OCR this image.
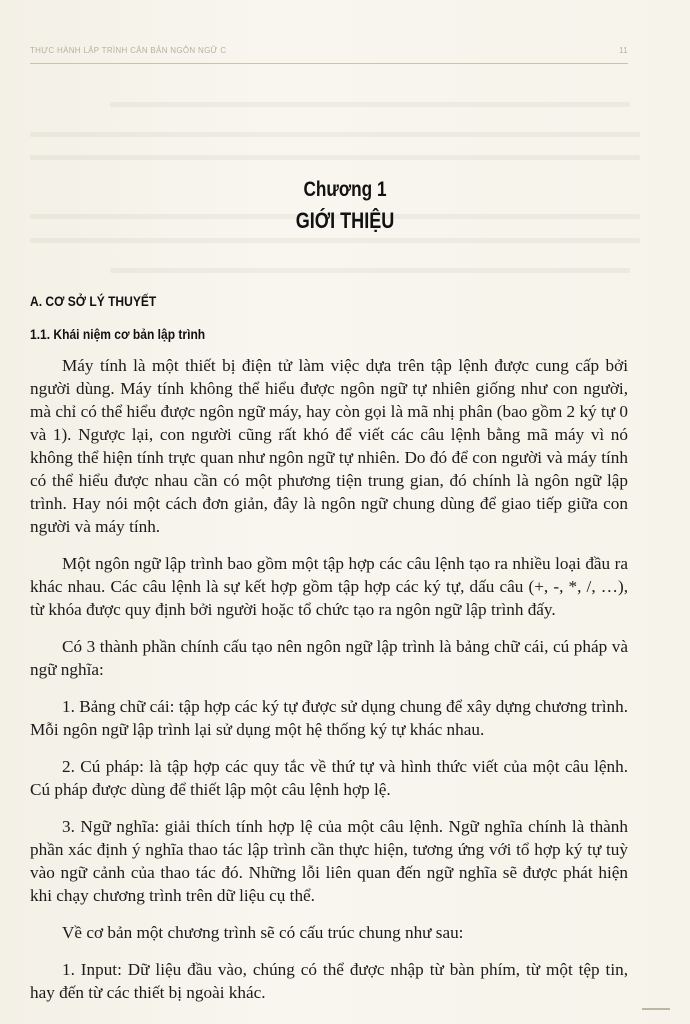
THỰC HÀNH LẬP TRÌNH CĂN BẢN NGÔN NGỮ C	11
Chương 1
GIỚI THIỆU
A. CƠ SỞ LÝ THUYẾT
1.1. Khái niệm cơ bản lập trình

Máy tính là một thiết bị điện tử làm việc dựa trên tập lệnh được cung cấp bởi người dùng. Máy tính không thể hiểu được ngôn ngữ tự nhiên giống như con người, mà chỉ có thể hiểu được ngôn ngữ máy, hay còn gọi là mã nhị phân (bao gồm 2 ký tự 0 và 1). Ngược lại, con người cũng rất khó để viết các câu lệnh bằng mã máy vì nó không thể hiện tính trực quan như ngôn ngữ tự nhiên. Do đó để con người và máy tính có thể hiểu được nhau cần có một phương tiện trung gian, đó chính là ngôn ngữ lập trình. Hay nói một cách đơn giản, đây là ngôn ngữ chung dùng để giao tiếp giữa con người và máy tính.

Một ngôn ngữ lập trình bao gồm một tập hợp các câu lệnh tạo ra nhiều loại đầu ra khác nhau. Các câu lệnh là sự kết hợp gồm tập hợp các ký tự, dấu câu (+, -, *, /, …), từ khóa được quy định bởi người hoặc tổ chức tạo ra ngôn ngữ lập trình đấy.

Có 3 thành phần chính cấu tạo nên ngôn ngữ lập trình là bảng chữ cái, cú pháp và ngữ nghĩa:

1. Bảng chữ cái: tập hợp các ký tự được sử dụng chung để xây dựng chương trình. Mỗi ngôn ngữ lập trình lại sử dụng một hệ thống ký tự khác nhau.

2. Cú pháp: là tập hợp các quy tắc về thứ tự và hình thức viết của một câu lệnh. Cú pháp được dùng để thiết lập một câu lệnh hợp lệ.

3. Ngữ nghĩa: giải thích tính hợp lệ của một câu lệnh. Ngữ nghĩa chính là thành phần xác định ý nghĩa thao tác lập trình cần thực hiện, tương ứng với tổ hợp ký tự tuỳ vào ngữ cảnh của thao tác đó. Những lỗi liên quan đến ngữ nghĩa sẽ được phát hiện khi chạy chương trình trên dữ liệu cụ thể.

Về cơ bản một chương trình sẽ có cấu trúc chung như sau:

1. Input: Dữ liệu đầu vào, chúng có thể được nhập từ bàn phím, từ một tệp tin, hay đến từ các thiết bị ngoài khác.
